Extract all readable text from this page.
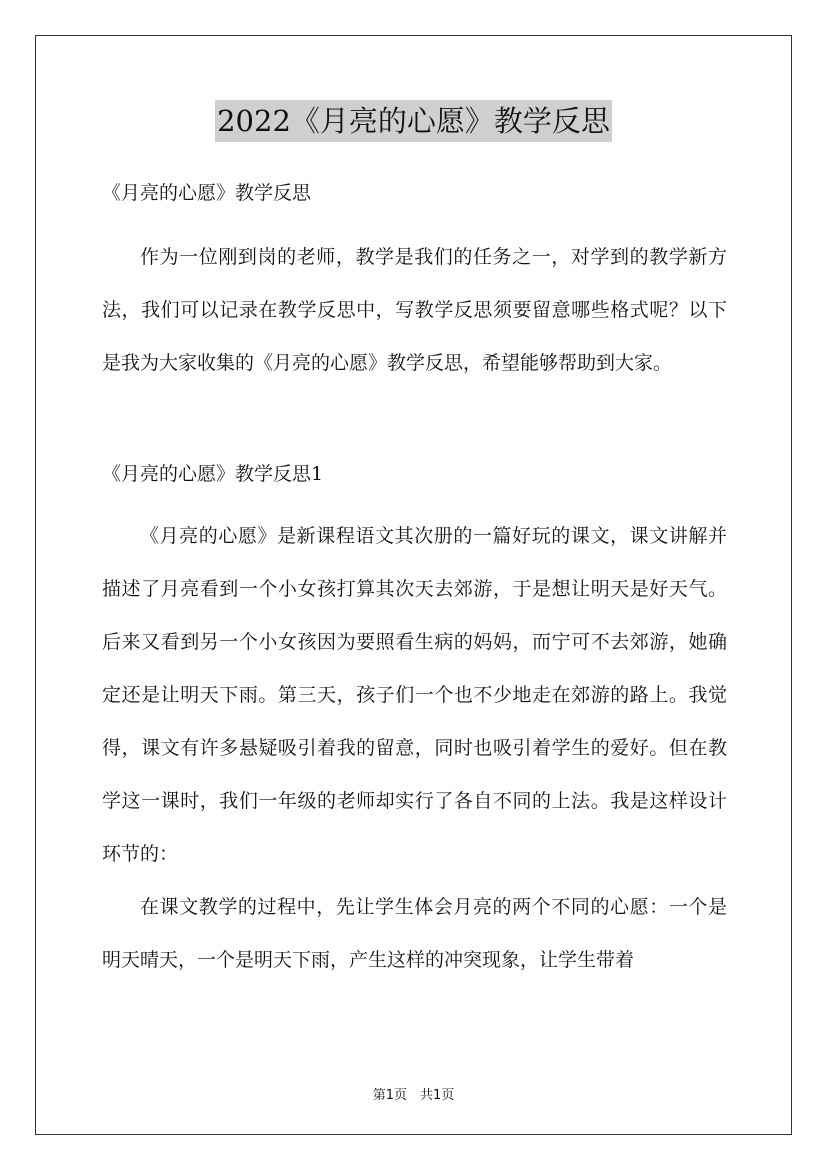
2022《月亮的心愿》教学反思

《月亮的心愿》教学反思

作为一位刚到岗的老师，教学是我们的任务之一，对学到的教学新方法，我们可以记录在教学反思中，写教学反思须要留意哪些格式呢？以下是我为大家收集的《月亮的心愿》教学反思，希望能够帮助到大家。

《月亮的心愿》教学反思1

《月亮的心愿》是新课程语文其次册的一篇好玩的课文，课文讲解并描述了月亮看到一个小女孩打算其次天去郊游，于是想让明天是好天气。后来又看到另一个小女孩因为要照看生病的妈妈，而宁可不去郊游，她确定还是让明天下雨。第三天，孩子们一个也不少地走在郊游的路上。我觉得，课文有许多悬疑吸引着我的留意，同时也吸引着学生的爱好。但在教学这一课时，我们一年级的老师却实行了各自不同的上法。我是这样设计环节的：

在课文教学的过程中，先让学生体会月亮的两个不同的心愿：一个是明天晴天，一个是明天下雨，产生这样的冲突现象，让学生带着

第1页　共1页
